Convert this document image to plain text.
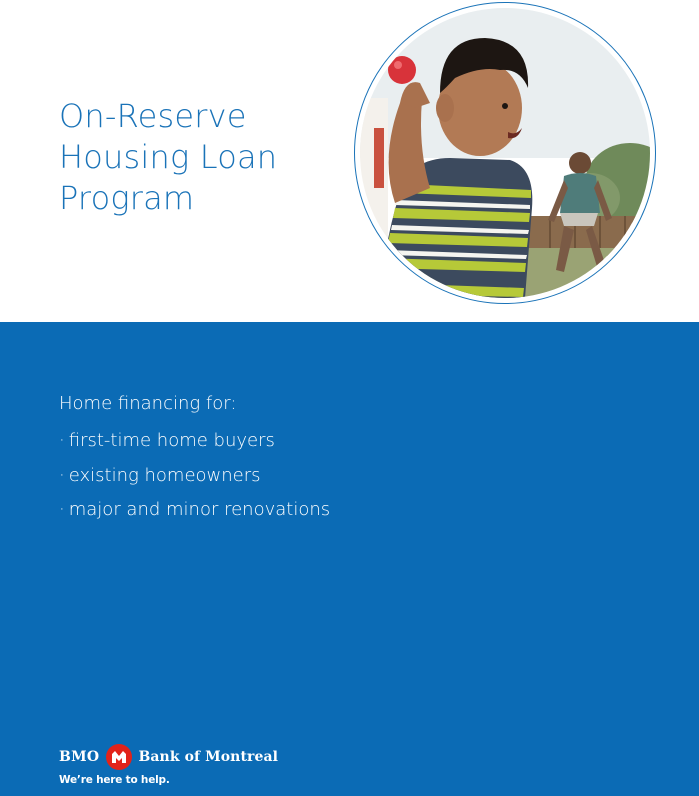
On-Reserve
Housing Loan
Program

Home financing for:

· first-time home buyers
· existing homeowners
· major and minor renovations
BMO	Bank of Montreal

We’re here to help.
